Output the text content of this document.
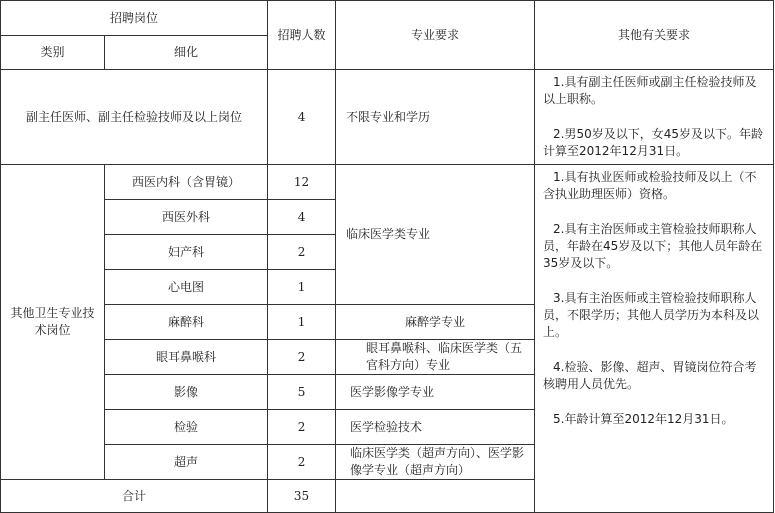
招聘岗位		招聘人数	专业要求	其他有关要求
类别	细化			
副主任医师、副主任检验技师及以上岗位		4	不限专业和学历	1.具有副主任医师或副主任检验技师及以上职称。

2.男50岁及以下，女45岁及以下。年龄计算至2012年12月31日。

其他卫生专业技术岗位	西医内科（含胃镜）	12	临床医学类专业	1.具有执业医师或检验技师及以上（不含执业助理医师）资格。

2.具有主治医师或主管检验技师职称人员，年龄在45岁及以下；其他人员年龄在35岁及以下。

3.具有主治医师或主管检验技师职称人员，不限学历；其他人员学历为本科及以上。

4.检验、影像、超声、胃镜岗位符合考核聘用人员优先。

5.年龄计算至2012年12月31日。

	西医外科	4		
	妇产科	2		
	心电图	1		
	麻醉科	1	麻醉学专业	
	眼耳鼻喉科	2	眼耳鼻喉科、临床医学类（五官科方向）专业	
	影像	5	医学影像学专业	
	检验	2	医学检验技术	
	超声	2	临床医学类（超声方向）、医学影像学专业（超声方向）	
合计		35		
